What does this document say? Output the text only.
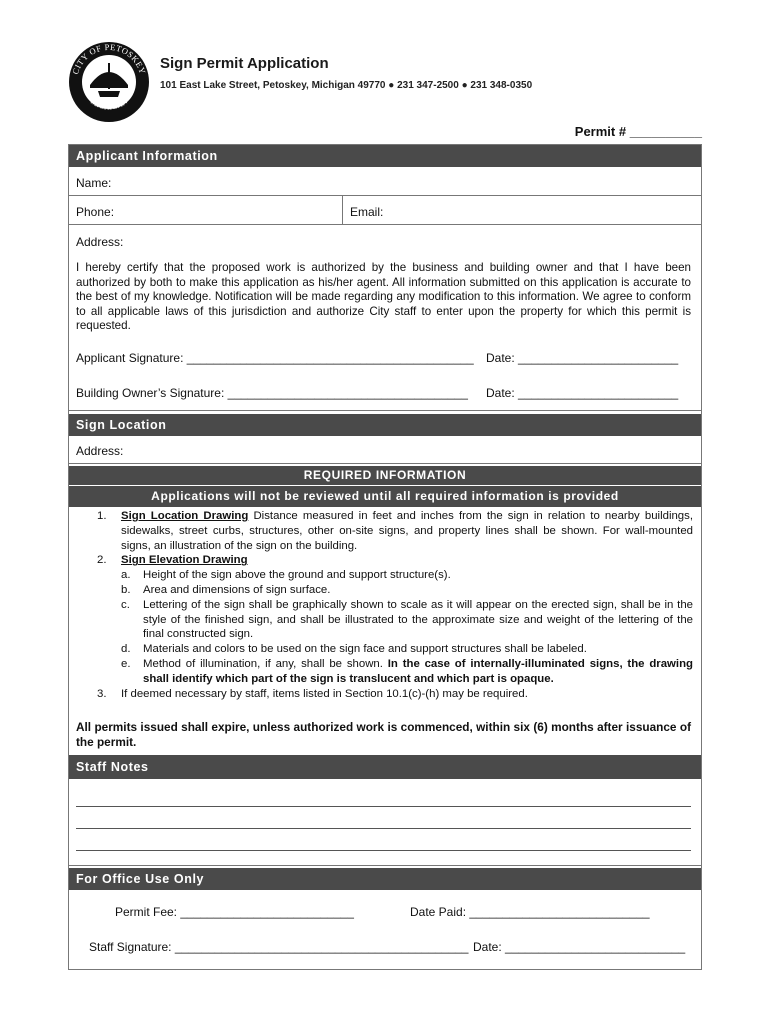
CITY OF PETOSKEY
MICHIGAN
Sign Permit Application
101 East Lake Street, Petoskey, Michigan 49770 ● 231 347-2500 ● 231 348-0350
Permit # __________
Applicant Information
Name:
Phone:	Email:
Address:
I hereby certify that the proposed work is authorized by the business and building owner and that I have been authorized by both to make this application as his/her agent. All information submitted on this application is accurate to the best of my knowledge. Notification will be made regarding any modification to this information. We agree to conform to all applicable laws of this jurisdiction and authorize City staff to enter upon the property for which this permit is requested.
Applicant Signature: ___________________________________________ Date: ________________________
Building Owner’s Signature: ____________________________________ Date: ________________________
Sign Location
Address:
REQUIRED INFORMATION
Applications will not be reviewed until all required information is provided
1. Sign Location Drawing Distance measured in feet and inches from the sign in relation to nearby buildings, sidewalks, street curbs, structures, other on-site signs, and property lines shall be shown. For wall-mounted signs, an illustration of the sign on the building.
2. Sign Elevation Drawing
a. Height of the sign above the ground and support structure(s).
b. Area and dimensions of sign surface.
c. Lettering of the sign shall be graphically shown to scale as it will appear on the erected sign, shall be in the style of the finished sign, and shall be illustrated to the approximate size and weight of the lettering of the final constructed sign.
d. Materials and colors to be used on the sign face and support structures shall be labeled.
e. Method of illumination, if any, shall be shown. In the case of internally-illuminated signs, the drawing shall identify which part of the sign is translucent and which part is opaque.
3. If deemed necessary by staff, items listed in Section 10.1(c)-(h) may be required.
All permits issued shall expire, unless authorized work is commenced, within six (6) months after issuance of the permit.
Staff Notes
For Office Use Only
Permit Fee: __________________________	Date Paid: ___________________________
Staff Signature: ____________________________________________ Date: ___________________________
